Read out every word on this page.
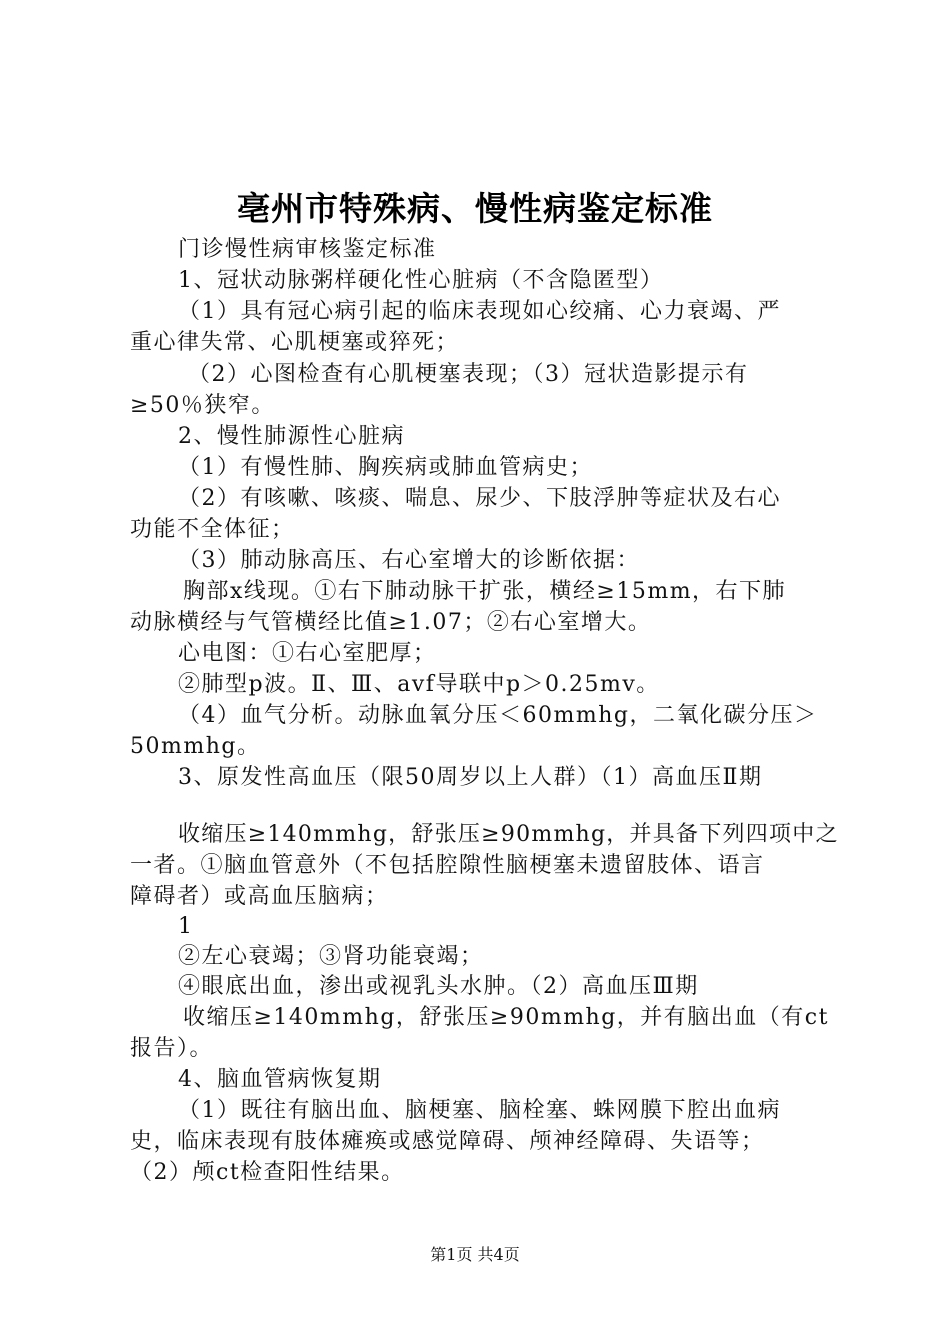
亳州市特殊病、慢性病鉴定标准
门诊慢性病审核鉴定标准
1、冠状动脉粥样硬化性心脏病（不含隐匿型）
（1）具有冠心病引起的临床表现如心绞痛、心力衰竭、严
重心律失常、心肌梗塞或猝死；
（2）心图检查有心肌梗塞表现；（3）冠状造影提示有
≥50％狭窄。
2、慢性肺源性心脏病
（1）有慢性肺、胸疾病或肺血管病史；
（2）有咳嗽、咳痰、喘息、尿少、下肢浮肿等症状及右心
功能不全体征；
（3）肺动脉高压、右心室增大的诊断依据：
胸部x线现。①右下肺动脉干扩张，横经≥15mm，右下肺
动脉横经与气管横经比值≥1.07；②右心室增大。
心电图：①右心室肥厚；
②肺型p波。Ⅱ、Ⅲ、avf导联中p＞0.25mv。
（4）血气分析。动脉血氧分压＜60mmhg，二氧化碳分压＞
50mmhg。
3、原发性高血压（限50周岁以上人群）（1）高血压Ⅱ期
收缩压≥140mmhg，舒张压≥90mmhg，并具备下列四项中之
一者。①脑血管意外（不包括腔隙性脑梗塞未遗留肢体、语言
障碍者）或高血压脑病；
1
②左心衰竭；③肾功能衰竭；
④眼底出血，渗出或视乳头水肿。（2）高血压Ⅲ期
收缩压≥140mmhg，舒张压≥90mmhg，并有脑出血（有ct
报告）。
4、脑血管病恢复期
（1）既往有脑出血、脑梗塞、脑栓塞、蛛网膜下腔出血病
史，临床表现有肢体瘫痪或感觉障碍、颅神经障碍、失语等；
（2）颅ct检查阳性结果。
第1页 共4页
